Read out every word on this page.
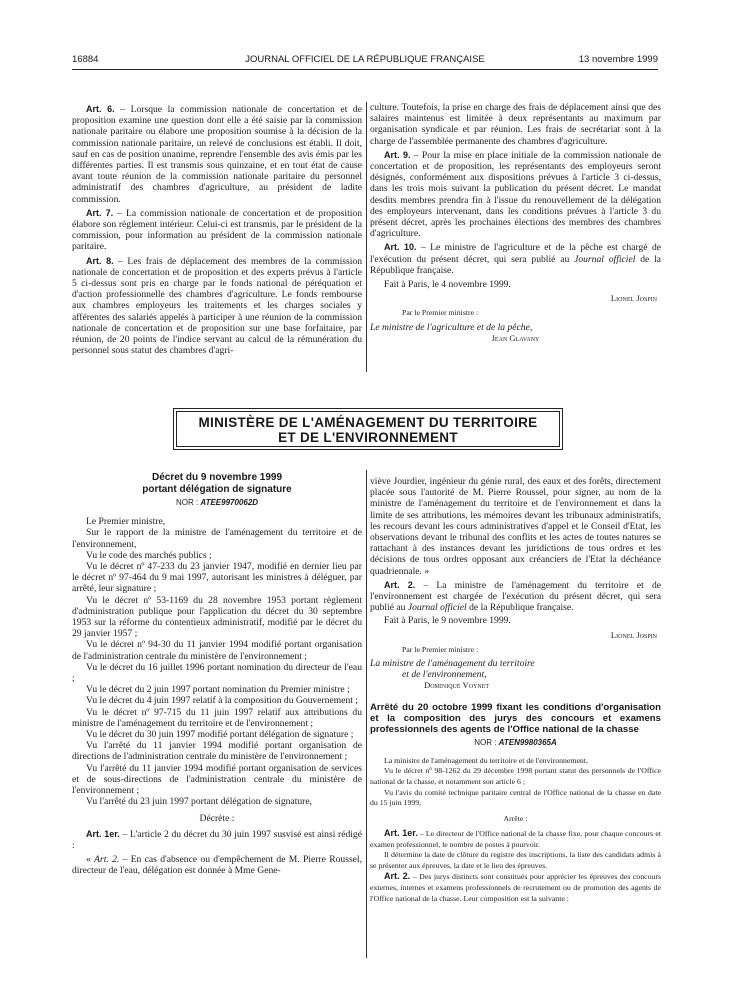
16884	JOURNAL OFFICIEL DE LA RÉPUBLIQUE FRANÇAISE	13 novembre 1999

Art. 6. – Lorsque la commission nationale de concertation et de proposition examine une question dont elle a été saisie par la commission nationale paritaire ou élabore une proposition soumise à la décision de la commission nationale paritaire, un relevé de conclusions est établi. Il doit, sauf en cas de position unanime, reprendre l'ensemble des avis émis par les différentes parties. Il est transmis sous quinzaine, et en tout état de cause avant toute réunion de la commission nationale paritaire du personnel administratif des chambres d'agriculture, au président de ladite commission.

Art. 7. – La commission nationale de concertation et de proposition élabore son règlement intérieur. Celui-ci est transmis, par le président de la commission, pour information au président de la commission nationale paritaire.

Art. 8. – Les frais de déplacement des membres de la commission nationale de concertation et de proposition et des experts prévus à l'article 5 ci-dessus sont pris en charge par le fonds national de péréquation et d'action professionnelle des chambres d'agriculture. Le fonds rembourse aux chambres employeurs les traitements et les charges sociales y afférentes des salariés appelés à participer à une réunion de la commission nationale de concertation et de proposition sur une base forfaitaire, par réunion, de 20 points de l'indice servant au calcul de la rémunération du personnel sous statut des chambres d'agri-

culture. Toutefois, la prise en charge des frais de déplacement ainsi que des salaires maintenus est limitée à deux représentants au maximum par organisation syndicale et par réunion. Les frais de secrétariat sont à la charge de l'assemblée permanente des chambres d'agriculture.

Art. 9. – Pour la mise en place initiale de la commission nationale de concertation et de proposition, les représentants des employeurs seront désignés, conformément aux dispositions prévues à l'article 3 ci-dessus, dans les trois mois suivant la publication du présent décret. Le mandat desdits membres prendra fin à l'issue du renouvellement de la délégation des employeurs intervenant, dans les conditions prévues à l'article 3 du présent décret, après les prochaines élections des membres des chambres d'agriculture.

Art. 10. – Le ministre de l'agriculture et de la pêche est chargé de l'exécution du présent décret, qui sera publié au Journal officiel de la République française.

Fait à Paris, le 4 novembre 1999.

Lionel Jospin
Par le Premier ministre :
Le ministre de l'agriculture et de la pêche,
Jean Glavany
MINISTÈRE DE L'AMÉNAGEMENT DU TERRITOIRE
ET DE L'ENVIRONNEMENT
Décret du 9 novembre 1999
portant délégation de signature
NOR : ATEE9970062D

Le Premier ministre,

Sur le rapport de la ministre de l'aménagement du territoire et de l'environnement,

Vu le code des marchés publics ;

Vu le décret nº 47-233 du 23 janvier 1947, modifié en dernier lieu par le décret nº 97-464 du 9 mai 1997, autorisant les ministres à déléguer, par arrêté, leur signature ;

Vu le décret nº 53-1169 du 28 novembre 1953 portant règlement d'administration publique pour l'application du décret du 30 septembre 1953 sur la réforme du contentieux administratif, modifié par le décret du 29 janvier 1957 ;

Vu le décret nº 94-30 du 11 janvier 1994 modifié portant organisation de l'administration centrale du ministère de l'environnement ;

Vu le décret du 16 juillet 1996 portant nomination du directeur de l'eau ;

Vu le décret du 2 juin 1997 portant nomination du Premier ministre ;

Vu le décret du 4 juin 1997 relatif à la composition du Gouvernement ;

Vu le décret nº 97-715 du 11 juin 1997 relatif aux attributions du ministre de l'aménagement du territoire et de l'environnement ;

Vu le décret du 30 juin 1997 modifié portant délégation de signature ;

Vu l'arrêté du 11 janvier 1994 modifié portant organisation de directions de l'administration centrale du ministère de l'environnement ;

Vu l'arrêté du 11 janvier 1994 modifié portant organisation de services et de sous-directions de l'administration centrale du ministère de l'environnement ;

Vu l'arrêté du 23 juin 1997 portant délégation de signature,

Décrète :

Art. 1er. – L'article 2 du décret du 30 juin 1997 susvisé est ainsi rédigé :

« Art. 2. – En cas d'absence ou d'empêchement de M. Pierre Roussel, directeur de l'eau, délégation est donnée à Mme Gene-

viève Jourdier, ingénieur du génie rural, des eaux et des forêts, directement placée sous l'autorité de M. Pierre Roussel, pour signer, au nom de la ministre de l'aménagement du territoire et de l'environnement et dans la limite de ses attributions, les mémoires devant les tribunaux administratifs, les recours devant les cours administratives d'appel et le Conseil d'Etat, les observations devant le tribunal des conflits et les actes de toutes natures se rattachant à des instances devant les juridictions de tous ordres et les décisions de tous ordres opposant aux créanciers de l'Etat la déchéance quadriennale. »

Art. 2. – La ministre de l'aménagement du territoire et de l'environnement est chargée de l'exécution du présent décret, qui sera publié au Journal officiel de la République française.

Fait à Paris, le 9 novembre 1999.

Lionel Jospin
Par le Premier ministre :
La ministre de l'aménagement du territoire
et de l'environnement,
Dominique Voynet
Arrêté du 20 octobre 1999 fixant les conditions d'organisation et la composition des jurys des concours et examens professionnels des agents de l'Office national de la chasse
NOR : ATEN9980365A

La ministre de l'aménagement du territoire et de l'environnement,

Vu le décret nº 98-1262 du 29 décembre 1998 portant statut des personnels de l'Office national de la chasse, et notamment son article 6 ;

Vu l'avis du comité technique paritaire central de l'Office national de la chasse en date du 15 juin 1999,

Arrête :

Art. 1er. – Le directeur de l'Office national de la chasse fixe, pour chaque concours et examen professionnel, le nombre de postes à pourvoir.

Il détermine la date de clôture du registre des inscriptions, la liste des candidats admis à se présenter aux épreuves, la date et le lieu des épreuves.

Art. 2. – Des jurys distincts sont constitués pour apprécier les épreuves des concours externes, internes et examens professionnels de recrutement ou de promotion des agents de l'Office national de la chasse. Leur composition est la suivante :
